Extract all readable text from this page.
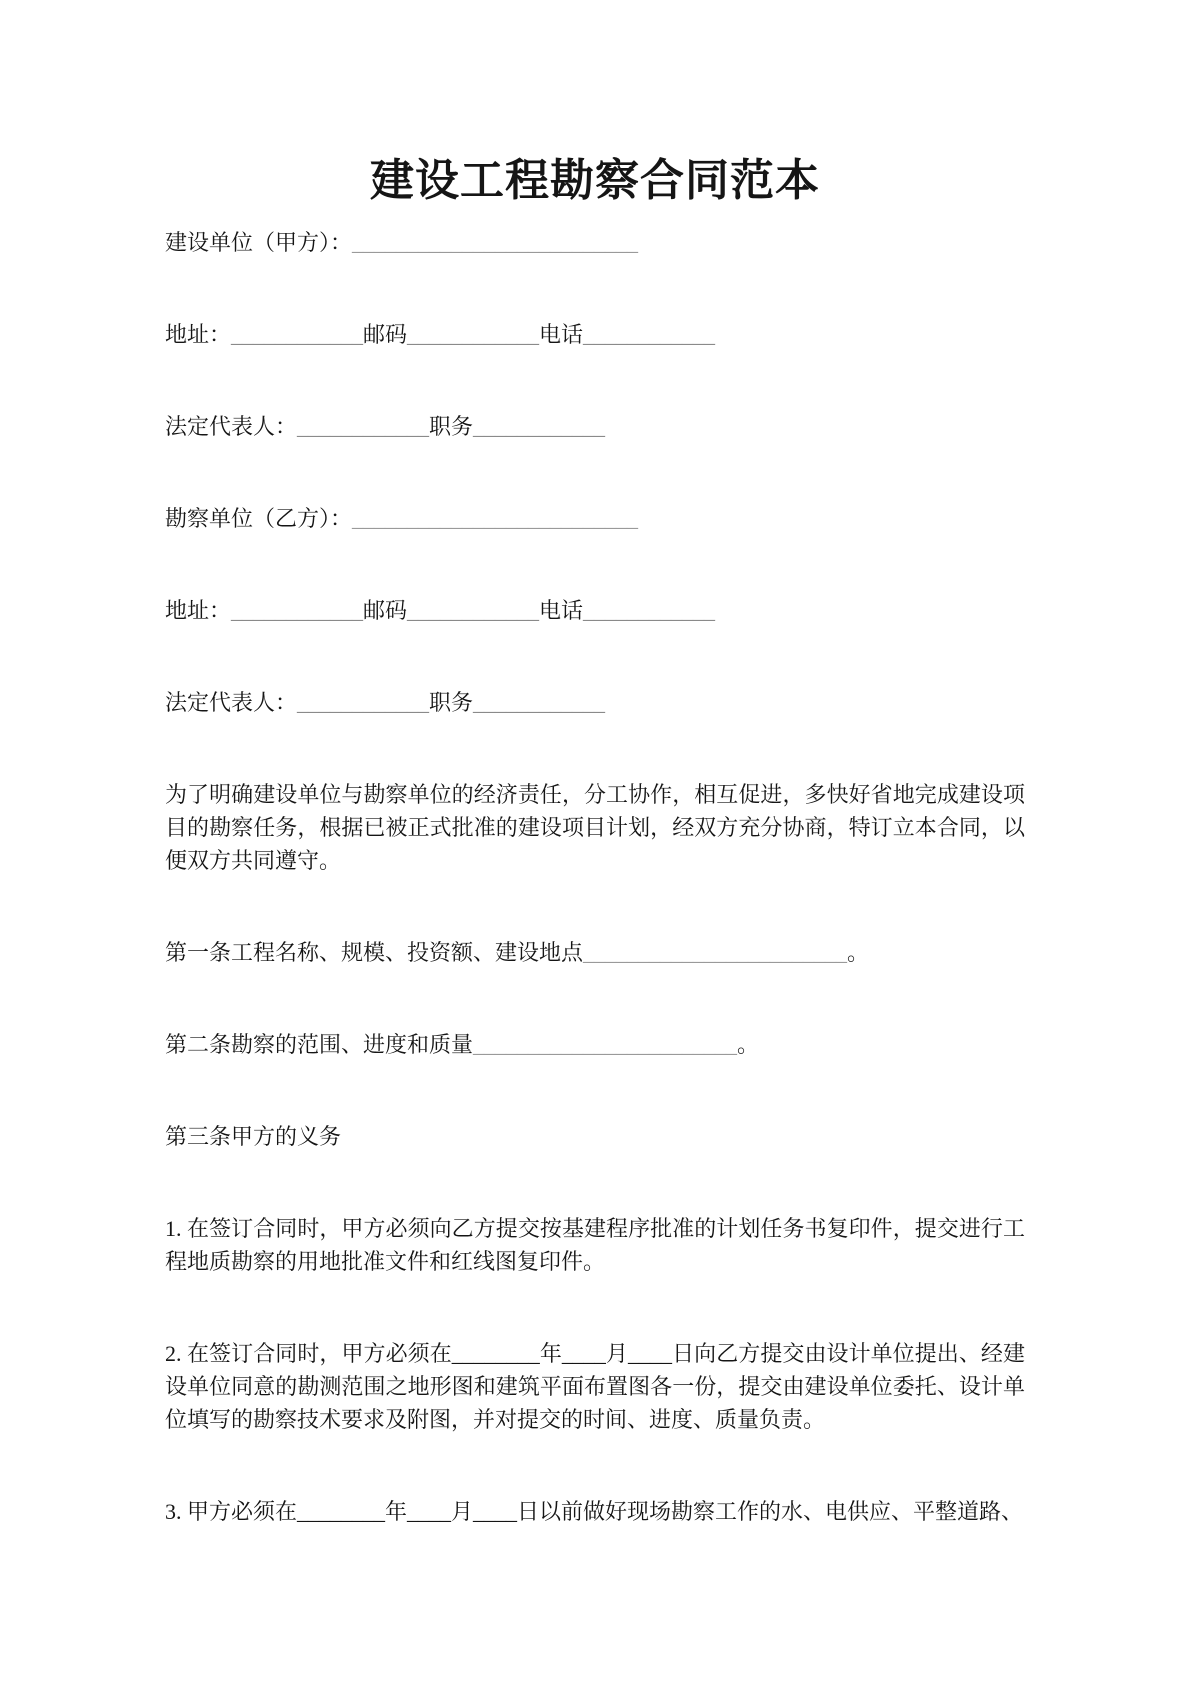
建设工程勘察合同范本
建设单位（甲方）：__________________________
地址：____________邮码____________电话____________
法定代表人：____________职务____________
勘察单位（乙方）：__________________________
地址：____________邮码____________电话____________
法定代表人：____________职务____________
为了明确建设单位与勘察单位的经济责任，分工协作，相互促进，多快好省地完成建设项目的勘察任务，根据已被正式批准的建设项目计划，经双方充分协商，特订立本合同，以便双方共同遵守。
第一条工程名称、规模、投资额、建设地点________________________。
第二条勘察的范围、进度和质量________________________。
第三条甲方的义务
1. 在签订合同时，甲方必须向乙方提交按基建程序批准的计划任务书复印件，提交进行工程地质勘察的用地批准文件和红线图复印件。
2. 在签订合同时，甲方必须在________年____月____日向乙方提交由设计单位提出、经建设单位同意的勘测范围之地形图和建筑平面布置图各一份，提交由建设单位委托、设计单位填写的勘察技术要求及附图，并对提交的时间、进度、质量负责。
3. 甲方必须在________年____月____日以前做好现场勘察工作的水、电供应、平整道路、
